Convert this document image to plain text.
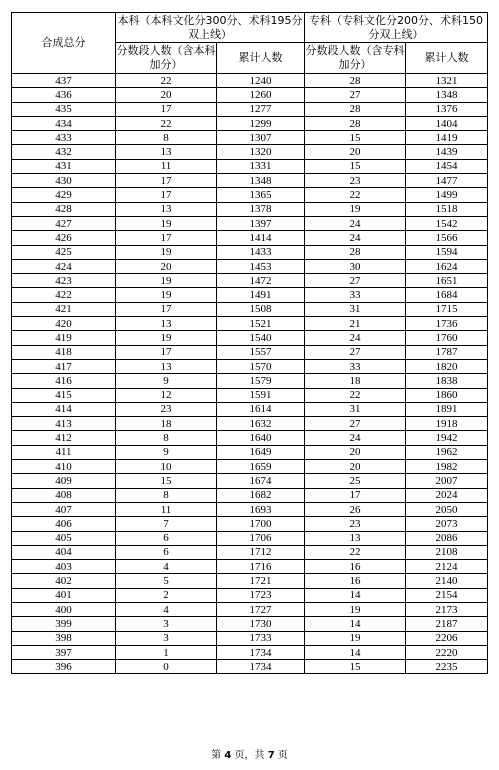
合成总分	本科（本科文化分300分、术科195分双上线）		专科（专科文化分200分、术科150分双上线）	
	分数段人数（含本科加分）	累计人数	分数段人数（含专科加分）	累计人数
437	22	1240	28	1321
436	20	1260	27	1348
435	17	1277	28	1376
434	22	1299	28	1404
433	8	1307	15	1419
432	13	1320	20	1439
431	11	1331	15	1454
430	17	1348	23	1477
429	17	1365	22	1499
428	13	1378	19	1518
427	19	1397	24	1542
426	17	1414	24	1566
425	19	1433	28	1594
424	20	1453	30	1624
423	19	1472	27	1651
422	19	1491	33	1684
421	17	1508	31	1715
420	13	1521	21	1736
419	19	1540	24	1760
418	17	1557	27	1787
417	13	1570	33	1820
416	9	1579	18	1838
415	12	1591	22	1860
414	23	1614	31	1891
413	18	1632	27	1918
412	8	1640	24	1942
411	9	1649	20	1962
410	10	1659	20	1982
409	15	1674	25	2007
408	8	1682	17	2024
407	11	1693	26	2050
406	7	1700	23	2073
405	6	1706	13	2086
404	6	1712	22	2108
403	4	1716	16	2124
402	5	1721	16	2140
401	2	1723	14	2154
400	4	1727	19	2173
399	3	1730	14	2187
398	3	1733	19	2206
397	1	1734	14	2220
396	0	1734	15	2235
第 4 页，共 7 页
